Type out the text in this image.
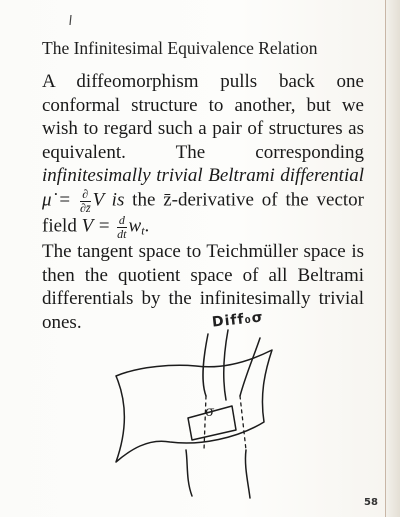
The Infinitesimal Equivalence Relation

A diffeomorphism pulls back one conformal structure to another, but we wish to regard such a pair of structures as equivalent. The corresponding infinitesimally trivial Beltrami differential μ̇ = $\frac{\partial}{\partial z̄}$ V is the z̄-derivative of the vector field $V = \frac{d}{dt} w_t$.

The tangent space to Teichmüller space is then the quotient space of all Beltrami differentials by the infinitesimally trivial ones.	Diff₀σ
σ
58
